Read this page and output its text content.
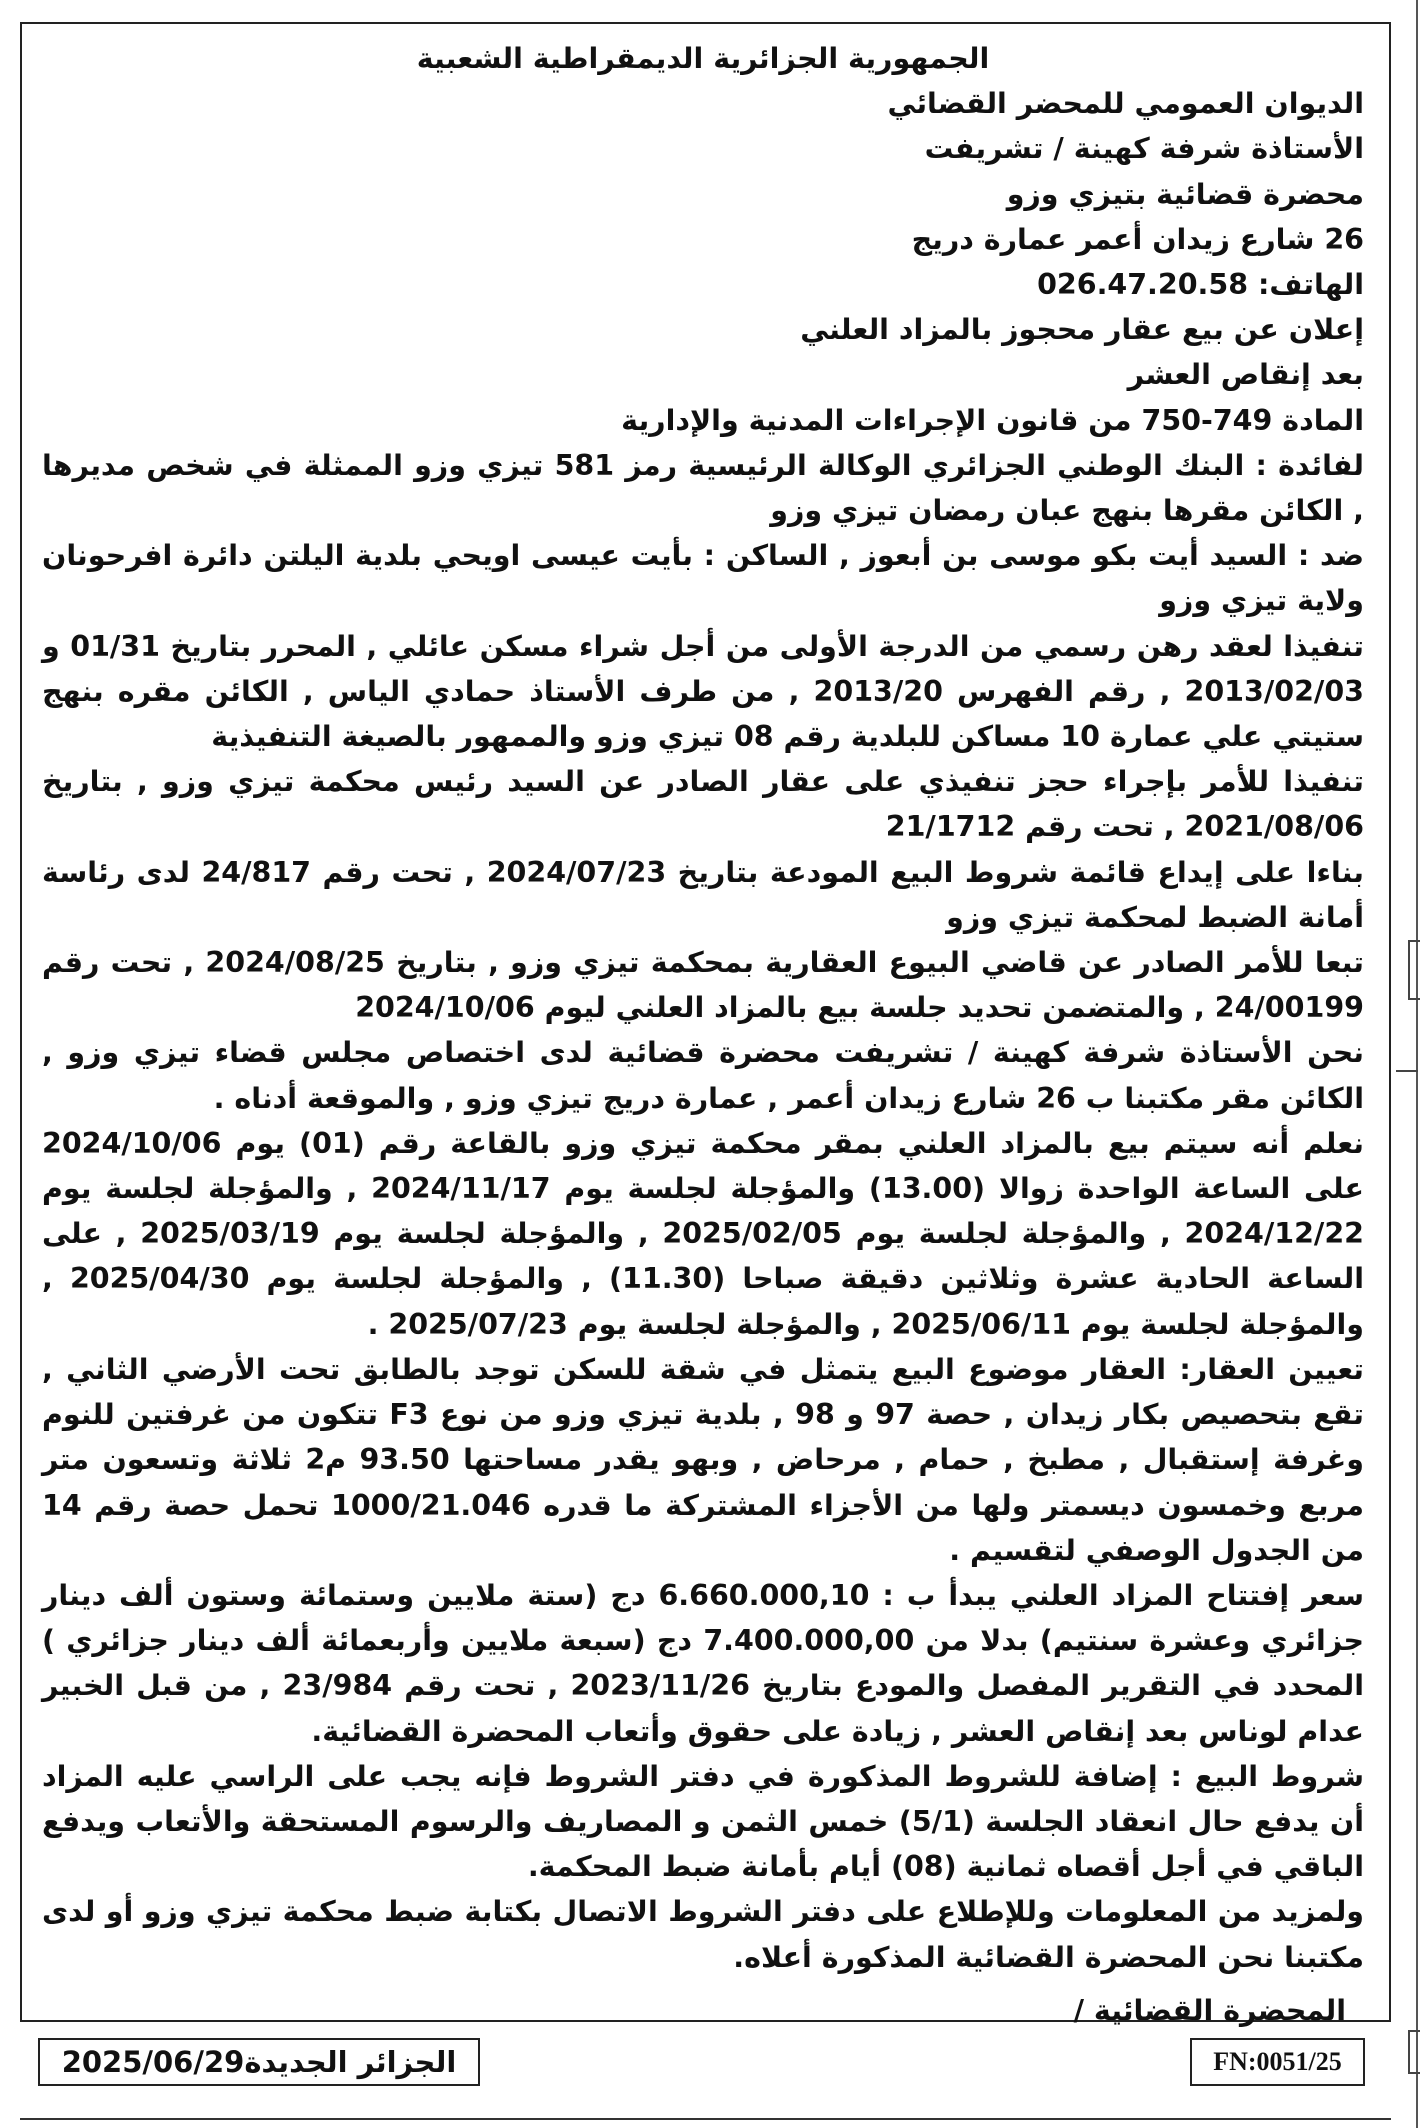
الجمهورية الجزائرية الديمقراطية الشعبية

الديوان العمومي للمحضر القضائي

الأستاذة شرفة كهينة / تشريفت

محضرة قضائية بتيزي وزو

26 شارع زيدان أعمر عمارة دريج

الهاتف: 026.47.20.58

إعلان عن بيع عقار محجوز بالمزاد العلني

بعد إنقاص العشر

المادة 749-750 من قانون الإجراءات المدنية والإدارية

لفائدة : البنك الوطني الجزائري الوكالة الرئيسية رمز 581 تيزي وزو الممثلة في شخص مديرها , الكائن مقرها بنهج عبان رمضان تيزي وزو

ضد : السيد أيت بكو موسى بن أبعوز , الساكن : بأيت عيسى اويحي بلدية اليلتن دائرة افرحونان ولاية تيزي وزو

تنفيذا لعقد رهن رسمي من الدرجة الأولى من أجل شراء مسكن عائلي , المحرر بتاريخ 01/31 و 2013/02/03 , رقم الفهرس 2013/20 , من طرف الأستاذ حمادي الياس , الكائن مقره بنهج ستيتي علي عمارة 10 مساكن للبلدية رقم 08 تيزي وزو والممهور بالصيغة التنفيذية

تنفيذا للأمر بإجراء حجز تنفيذي على عقار الصادر عن السيد رئيس محكمة تيزي وزو , بتاريخ 2021/08/06 , تحت رقم 21/1712

بناءا على إيداع قائمة شروط البيع المودعة بتاريخ 2024/07/23 , تحت رقم 24/817 لدى رئاسة أمانة الضبط لمحكمة تيزي وزو

تبعا للأمر الصادر عن قاضي البيوع العقارية بمحكمة تيزي وزو , بتاريخ 2024/08/25 , تحت رقم 24/00199 , والمتضمن تحديد جلسة بيع بالمزاد العلني ليوم 2024/10/06

نحن الأستاذة شرفة كهينة / تشريفت محضرة قضائية لدى اختصاص مجلس قضاء تيزي وزو , الكائن مقر مكتبنا ب 26 شارع زيدان أعمر , عمارة دريج تيزي وزو , والموقعة أدناه .

نعلم أنه سيتم بيع بالمزاد العلني بمقر محكمة تيزي وزو بالقاعة رقم (01) يوم 2024/10/06 على الساعة الواحدة زوالا (13.00) والمؤجلة لجلسة يوم 2024/11/17 , والمؤجلة لجلسة يوم 2024/12/22 , والمؤجلة لجلسة يوم 2025/02/05 , والمؤجلة لجلسة يوم 2025/03/19 , على الساعة الحادية عشرة وثلاثين دقيقة صباحا (11.30) , والمؤجلة لجلسة يوم 2025/04/30 , والمؤجلة لجلسة يوم 2025/06/11 , والمؤجلة لجلسة يوم 2025/07/23 .

تعيين العقار: العقار موضوع البيع يتمثل في شقة للسكن توجد بالطابق تحت الأرضي الثاني , تقع بتحصيص بكار زيدان , حصة 97 و 98 , بلدية تيزي وزو من نوع F3 تتكون من غرفتين للنوم وغرفة إستقبال , مطبخ , حمام , مرحاض , وبهو يقدر مساحتها 93.50 م2 ثلاثة وتسعون متر مربع وخمسون ديسمتر ولها من الأجزاء المشتركة ما قدره 1000/21.046 تحمل حصة رقم 14 من الجدول الوصفي لتقسيم .

سعر إفتتاح المزاد العلني يبدأ ب : 6.660.000,10 دج (ستة ملايين وستمائة وستون ألف دينار جزائري وعشرة سنتيم) بدلا من 7.400.000,00 دج (سبعة ملايين وأربعمائة ألف دينار جزائري ) المحدد في التقرير المفصل والمودع بتاريخ 2023/11/26 , تحت رقم 23/984 , من قبل الخبير عدام لوناس بعد إنقاص العشر , زيادة على حقوق وأتعاب المحضرة القضائية.

شروط البيع : إضافة للشروط المذكورة في دفتر الشروط فإنه يجب على الراسي عليه المزاد أن يدفع حال انعقاد الجلسة (5/1) خمس الثمن و المصاريف والرسوم المستحقة والأتعاب ويدفع الباقي في أجل أقصاه ثمانية (08) أيام بأمانة ضبط المحكمة.

ولمزيد من المعلومات وللإطلاع على دفتر الشروط الاتصال بكتابة ضبط محكمة تيزي وزو أو لدى مكتبنا نحن المحضرة القضائية المذكورة أعلاه.

المحضرة القضائية /

الجزائر الجديدة2025/06/29	FN:0051/25
